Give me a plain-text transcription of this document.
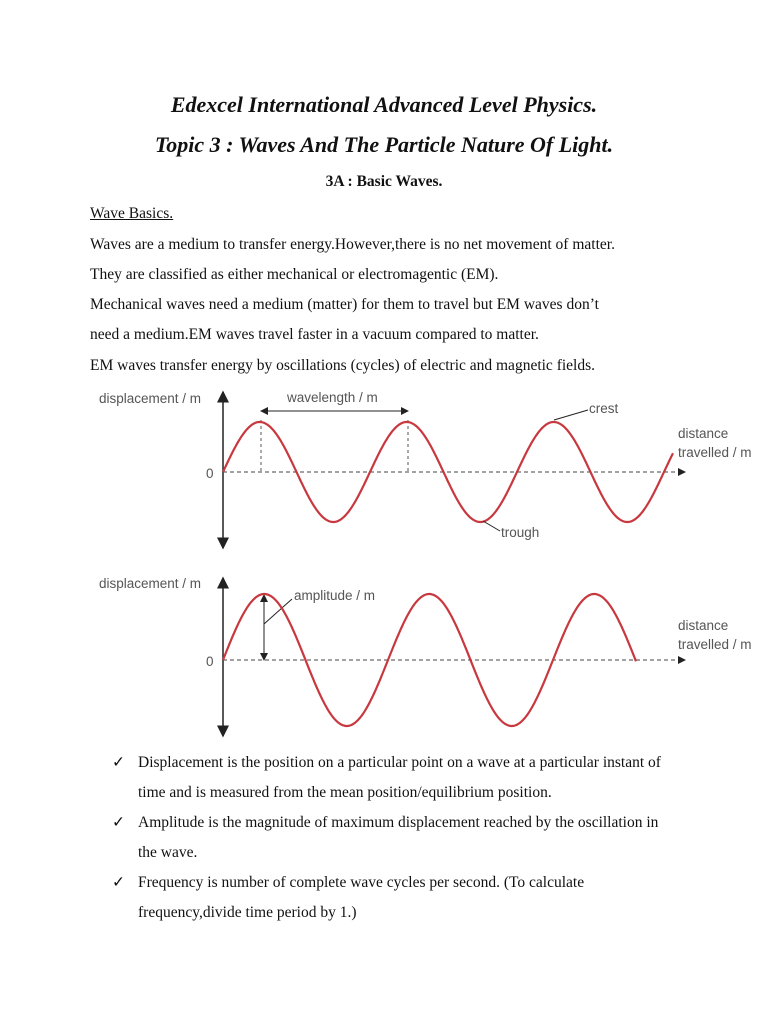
Edexcel International Advanced Level Physics.
Topic 3 : Waves And The Particle Nature Of Light.
3A : Basic Waves.
Wave Basics.
Waves are a medium to transfer energy.However,there is no net movement of matter.
They are classified as either mechanical or electromagentic (EM).
Mechanical waves need a medium (matter) for them to travel but EM waves don’t
need a medium.EM waves travel faster in a vacuum compared to matter.
EM waves transfer energy by oscillations (cycles) of electric and magnetic fields.
displacement / m
0
wavelength / m
crest
trough
distance
travelled / m
displacement / m
0
amplitude / m
distance
travelled / m
✓ Displacement is the position on a particular point on a wave at a particular instant of time and is measured from the mean position/equilibrium position.
✓ Amplitude is the magnitude of maximum displacement reached by the oscillation in the wave.
✓ Frequency is number of complete wave cycles per second. (To calculate frequency,divide time period by 1.)
